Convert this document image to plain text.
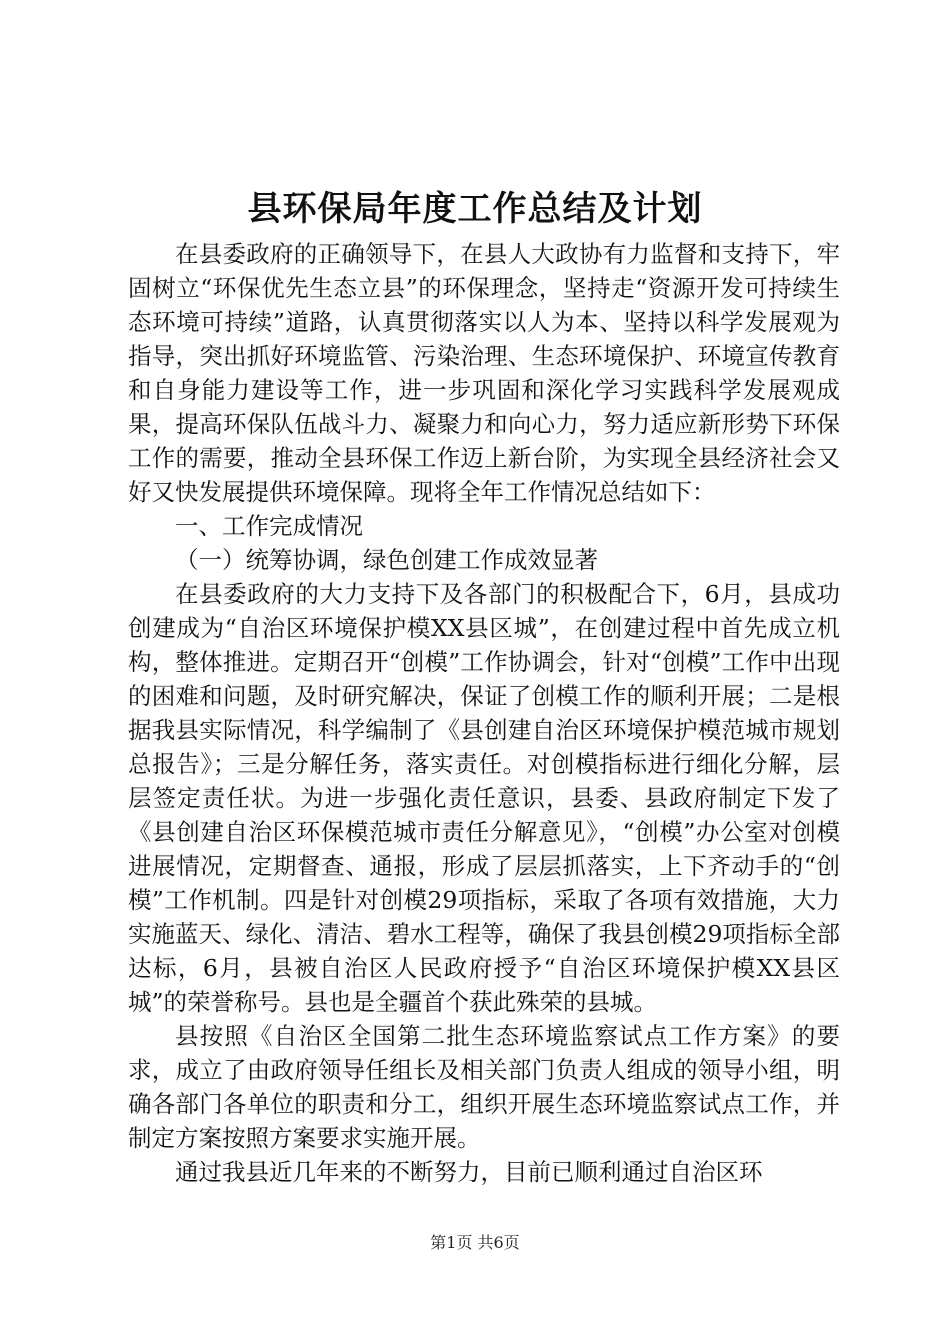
县环保局年度工作总结及计划

在县委政府的正确领导下，在县人大政协有力监督和支持下，牢固树立“环保优先生态立县”的环保理念，坚持走“资源开发可持续生态环境可持续”道路，认真贯彻落实以人为本、坚持以科学发展观为指导，突出抓好环境监管、污染治理、生态环境保护、环境宣传教育和自身能力建设等工作，进一步巩固和深化学习实践科学发展观成果，提高环保队伍战斗力、凝聚力和向心力，努力适应新形势下环保工作的需要，推动全县环保工作迈上新台阶，为实现全县经济社会又好又快发展提供环境保障。现将全年工作情况总结如下：

一、工作完成情况

（一）统筹协调，绿色创建工作成效显著

在县委政府的大力支持下及各部门的积极配合下，6月，县成功创建成为“自治区环境保护模XX县区城”，在创建过程中首先成立机构，整体推进。定期召开“创模”工作协调会，针对“创模”工作中出现的困难和问题，及时研究解决，保证了创模工作的顺利开展；二是根据我县实际情况，科学编制了《县创建自治区环境保护模范城市规划总报告》；三是分解任务，落实责任。对创模指标进行细化分解，层层签定责任状。为进一步强化责任意识，县委、县政府制定下发了《县创建自治区环保模范城市责任分解意见》，“创模”办公室对创模进展情况，定期督查、通报，形成了层层抓落实，上下齐动手的“创模”工作机制。四是针对创模29项指标，采取了各项有效措施，大力实施蓝天、绿化、清洁、碧水工程等，确保了我县创模29项指标全部达标，6月，县被自治区人民政府授予“自治区环境保护模XX县区城”的荣誉称号。县也是全疆首个获此殊荣的县城。

县按照《自治区全国第二批生态环境监察试点工作方案》的要求，成立了由政府领导任组长及相关部门负责人组成的领导小组，明确各部门各单位的职责和分工，组织开展生态环境监察试点工作，并制定方案按照方案要求实施开展。

通过我县近几年来的不断努力，目前已顺利通过自治区环

第1页 共6页
